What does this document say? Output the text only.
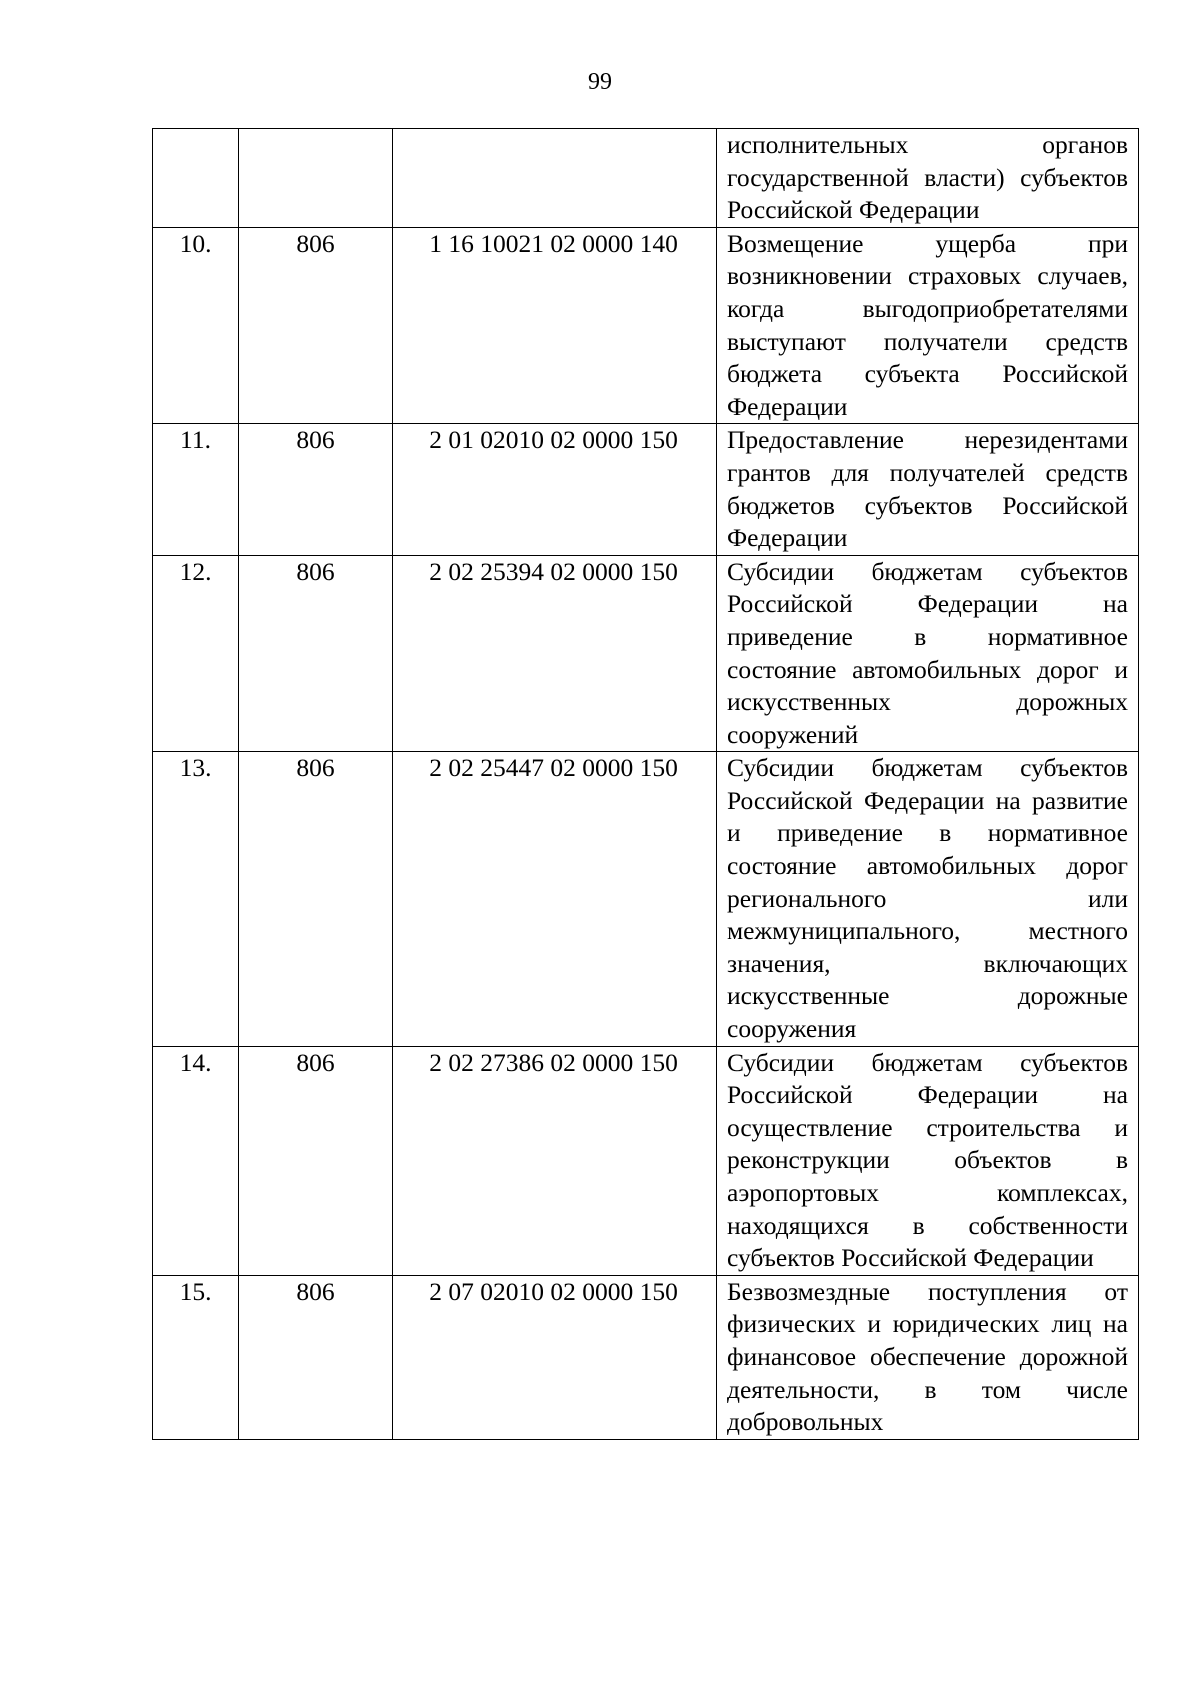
99

			исполнительных органов государственной власти) субъектов Российской Федерации

10.	806	1 16 10021 02 0000 140	Возмещение ущерба при возникновении страховых случаев, когда выгодоприобретателями выступают получатели средств бюджета субъекта Российской Федерации

11.	806	2 01 02010 02 0000 150	Предоставление нерезидентами грантов для получателей средств бюджетов субъектов Российской Федерации

12.	806	2 02 25394 02 0000 150	Субсидии бюджетам субъектов Российской Федерации на приведение в нормативное состояние автомобильных дорог и искусственных дорожных сооружений

13.	806	2 02 25447 02 0000 150	Субсидии бюджетам субъектов Российской Федерации на развитие и приведение в нормативное состояние автомобильных дорог регионального или межмуниципального, местного значения, включающих искусственные дорожные сооружения

14.	806	2 02 27386 02 0000 150	Субсидии бюджетам субъектов Российской Федерации на осуществление строительства и реконструкции объектов в аэропортовых комплексах, находящихся в собственности субъектов Российской Федерации

15.	806	2 07 02010 02 0000 150	Безвозмездные поступления от физических и юридических лиц на финансовое обеспечение дорожной деятельности, в том числе добровольных
